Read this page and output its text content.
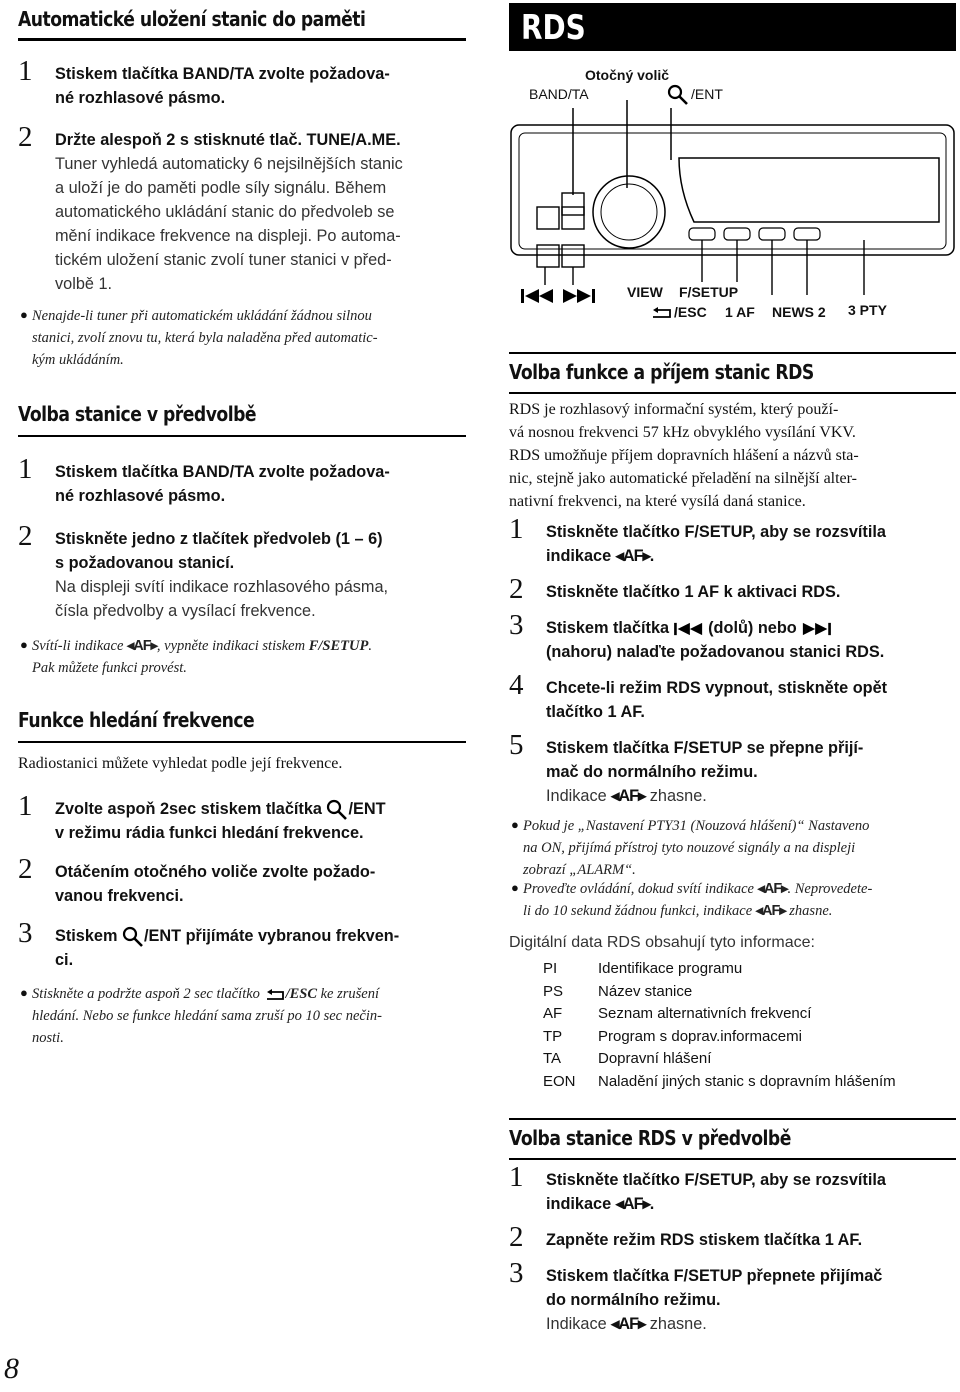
Automatické uložení stanic do paměti
1 Stiskem tlačítka BAND/TA zvolte požadova-
né rozhlasové pásmo.
2 Držte alespoň 2 s stisknuté tlač. TUNE/A.ME.
Tuner vyhledá automaticky 6 nejsilnějších stanic
a uloží je do paměti podle síly signálu. Během
automatického ukládání stanic do předvoleb se
mění indikace frekvence na displeji. Po automa-
tickém uložení stanic zvolí tuner stanici v před-
volbě 1.
● Nenajde-li tuner při automatickém ukládání žádnou silnou
stanici, zvolí znovu tu, která byla naladěna před automatic-
kým ukládáním.
Volba stanice v předvolbě
1 Stiskem tlačítka BAND/TA zvolte požadova-
né rozhlasové pásmo.
2 Stiskněte jedno z tlačítek předvoleb (1 – 6)
s požadovanou stanicí.
Na displeji svítí indikace rozhlasového pásma,
čísla předvolby a vysílací frekvence.
● Svítí-li indikace ◂AF▸, vypněte indikaci stiskem F/SETUP.
Pak můžete funkci provést.
Funkce hledání frekvence
Radiostanici můžete vyhledat podle její frekvence.
1 Zvolte aspoň 2sec stiskem tlačítka /ENT
v režimu rádia funkci hledání frekvence.
2 Otáčením otočného voliče zvolte požado-
vanou frekvenci.
3 Stiskem /ENT přijímáte vybranou frekven-
ci.
● Stiskněte a podržte aspoň 2 sec tlačítko /ESC ke zrušení
hledání. Nebo se funkce hledání sama zruší po 10 sec nečin-
nosti.
8
RDS
Otočný volič
BAND/TA	/ENT
VIEW F/SETUP
/ESC 1 AF NEWS 2 3 PTY
Volba funkce a příjem stanic RDS
RDS je rozhlasový informační systém, který použí-
vá nosnou frekvenci 57 kHz obvyklého vysílání VKV.
RDS umožňuje příjem dopravních hlášení a názvů sta-
nic, stejně jako automatické přeladění na silnější alter-
nativní frekvenci, na které vysílá daná stanice.
1 Stiskněte tlačítko F/SETUP, aby se rozsvítila
indikace ◂AF▸.
2 Stiskněte tlačítko 1 AF k aktivaci RDS.
3 Stiskem tlačítka  (dolů) nebo
(nahoru) nalaďte požadovanou stanici RDS.
4 Chcete-li režim RDS vypnout, stiskněte opět
tlačítko 1 AF.
5 Stiskem tlačítka F/SETUP se přepne přijí-
mač do normálního režimu.
Indikace ◂AF▸ zhasne.
● Pokud je „Nastavení PTY31 (Nouzová hlášení)“ Nastaveno
na ON, přijímá přístroj tyto nouzové signály a na displeji
zobrazí „ALARM“.
● Proveďte ovládání, dokud svítí indikace ◂AF▸. Neprovedete-
li do 10 sekund žádnou funkci, indikace ◂AF▸ zhasne.
Digitální data RDS obsahují tyto informace:
PI
PS
AF
TP
TA
EON
Identifikace programu
Název stanice
Seznam alternativních frekvencí
Program s doprav.informacemi
Dopravní hlášení
Naladění jiných stanic s dopravním hlášením
Volba stanice RDS v předvolbě
1 Stiskněte tlačítko F/SETUP, aby se rozsvítila
indikace ◂AF▸.
2 Zapněte režim RDS stiskem tlačítka 1 AF.
3 Stiskem tlačítka F/SETUP přepnete přijímač
do normálního režimu.
Indikace ◂AF▸ zhasne.
